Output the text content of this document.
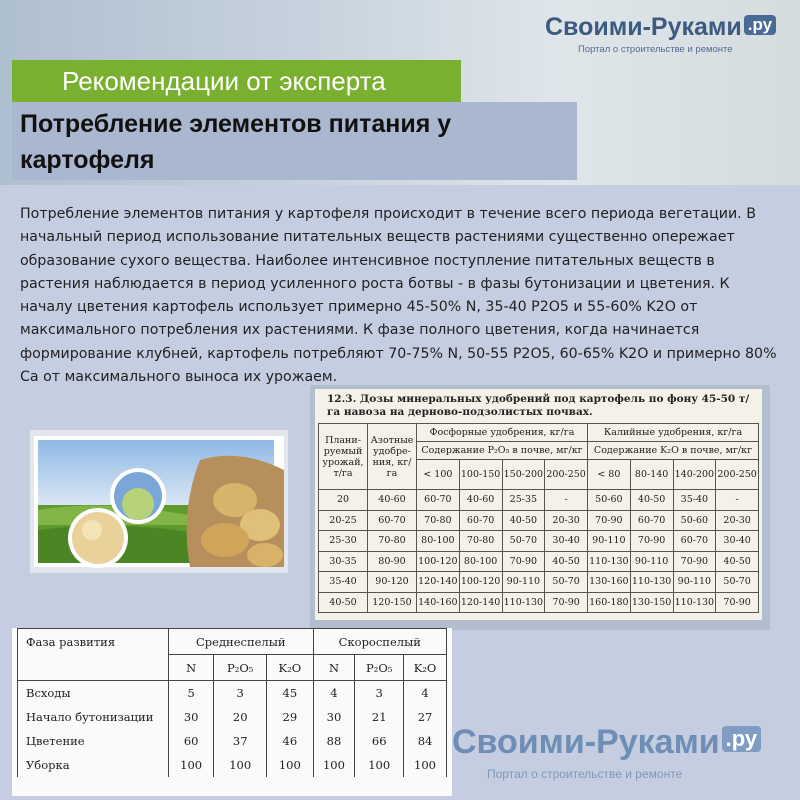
Своими-Руками .ру
Портал о строительстве и ремонте
Рекомендации от эксперта
Потребление элементов питания у
картофеля

Потребление элементов питания у картофеля происходит в течение всего периода вегетации. В начальный период использование питательных веществ растениями существенно опережает образование сухого вещества. Наиболее интенсивное поступление питательных веществ в растения наблюдается в период усиленного роста ботвы - в фазы бутонизации и цветения. К началу цветения картофель использует примерно 45-50% N, 35-40 P2O5 и 55-60% K2O от максимального потребления их растениями. К фазе полного цветения, когда начинается формирование клубней, картофель потребляют 70-75% N, 50-55 P2O5, 60-65% K2O и примерно 80% Ca от максимального выноса их урожаем.

12.3. Дозы минеральных удобрений под картофель по фону 45-50 т/га навоза на дерново-подзолистых почвах.
Плани-руемый урожай, т/га	Азотные удобре-ния, кг/га	Фосфорные удобрения, кг/га				Калийные удобрения, кг/га			
		Содержание P₂O₅ в почве, мг/кг				Содержание K₂O в почве, мг/кг			
		< 100	100-150	150-200	200-250	< 80	80-140	140-200	200-250
20	40-60	60-70	40-60	25-35	-	50-60	40-50	35-40	-
20-25	60-70	70-80	60-70	40-50	20-30	70-90	60-70	50-60	20-30
25-30	70-80	80-100	70-80	50-70	30-40	90-110	70-90	60-70	30-40
30-35	80-90	100-120	80-100	70-90	40-50	110-130	90-110	70-90	40-50
35-40	90-120	120-140	100-120	90-110	50-70	130-160	110-130	90-110	50-70
40-50	120-150	140-160	120-140	110-130	70-90	160-180	130-150	110-130	70-90
Фаза развития	Среднеспелый			Скороспелый		
	N	P₂O₅	K₂O	N	P₂O₅	K₂O
Всходы	5	3	45	4	3	4
Начало бутонизации	30	20	29	30	21	27
Цветение	60	37	46	88	66	84
Уборка	100	100	100	100	100	100
Своими-Руками .ру
Портал о строительстве и ремонте
